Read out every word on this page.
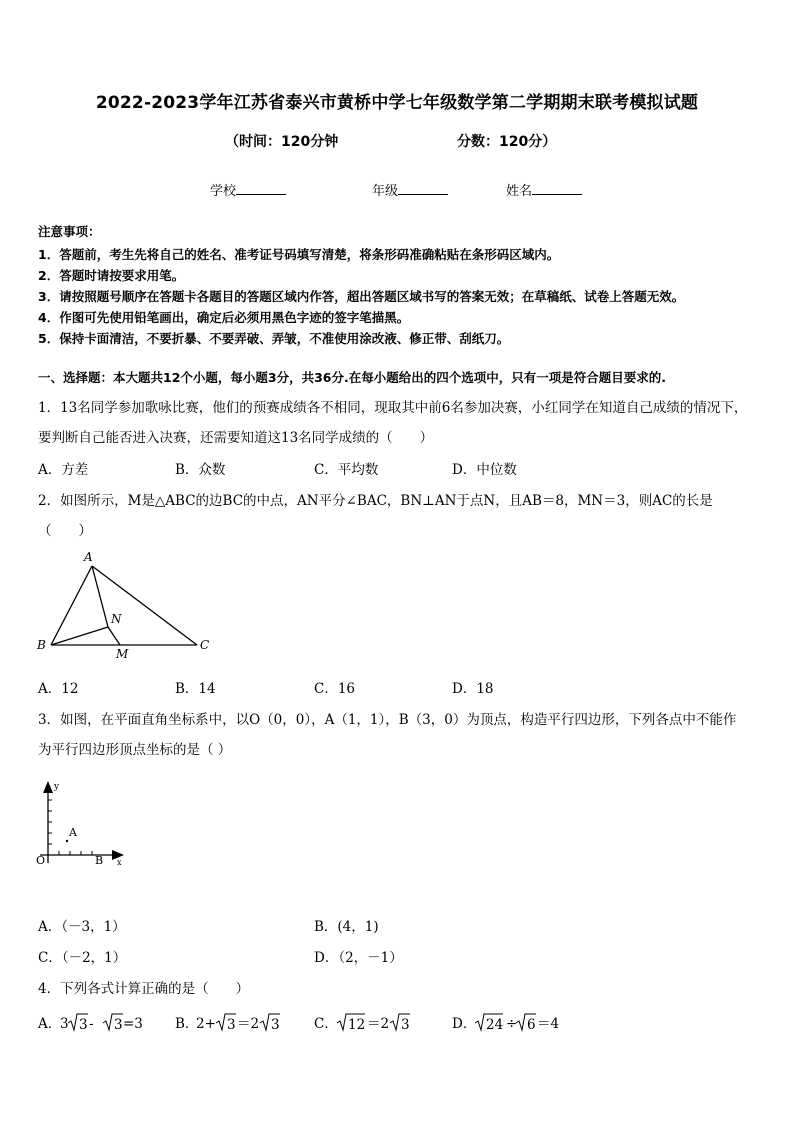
2022-2023学年江苏省泰兴市黄桥中学七年级数学第二学期期末联考模拟试题
（时间：120分钟	分数：120分）
学校	年级	姓名
注意事项：
1．答题前，考生先将自己的姓名、准考证号码填写清楚，将条形码准确粘贴在条形码区域内。
2．答题时请按要求用笔。
3．请按照题号顺序在答题卡各题目的答题区域内作答，超出答题区域书写的答案无效；在草稿纸、试卷上答题无效。
4．作图可先使用铅笔画出，确定后必须用黑色字迹的签字笔描黑。
5．保持卡面清洁，不要折暴、不要弄破、弄皱，不准使用涂改液、修正带、刮纸刀。
一、选择题：本大题共12个小题，每小题3分，共36分.在每小题给出的四个选项中，只有一项是符合题目要求的.
1．13名同学参加歌咏比赛，他们的预赛成绩各不相同，现取其中前6名参加决赛，小红同学在知道自己成绩的情况下，
要判断自己能否进入决赛，还需要知道这13名同学成绩的（　　）
A．方差	B．众数	C．平均数	D．中位数
2．如图所示，M是△ABC的边BC的中点，AN平分∠BAC，BN⊥AN于点N，且AB＝8，MN＝3，则AC的长是
（　　）
A
B	C
N
M
A．12	B．14	C．16	D．18
3．如图，在平面直角坐标系中，以O（0，0），A（1，1），B（3，0）为顶点，构造平行四边形，下列各点中不能作
为平行四边形顶点坐标的是（ ）
y
A
O	B x
A．（－3，1）	B．(4，1)
C．（－2，1）	D．（2，－1）
4．下列各式计算正确的是（　　）
A．
3 3 - 3 =3 B．
2+ 3 ＝2 3	C． 12 ＝2 3	D． 24 ÷ 6 ＝4
